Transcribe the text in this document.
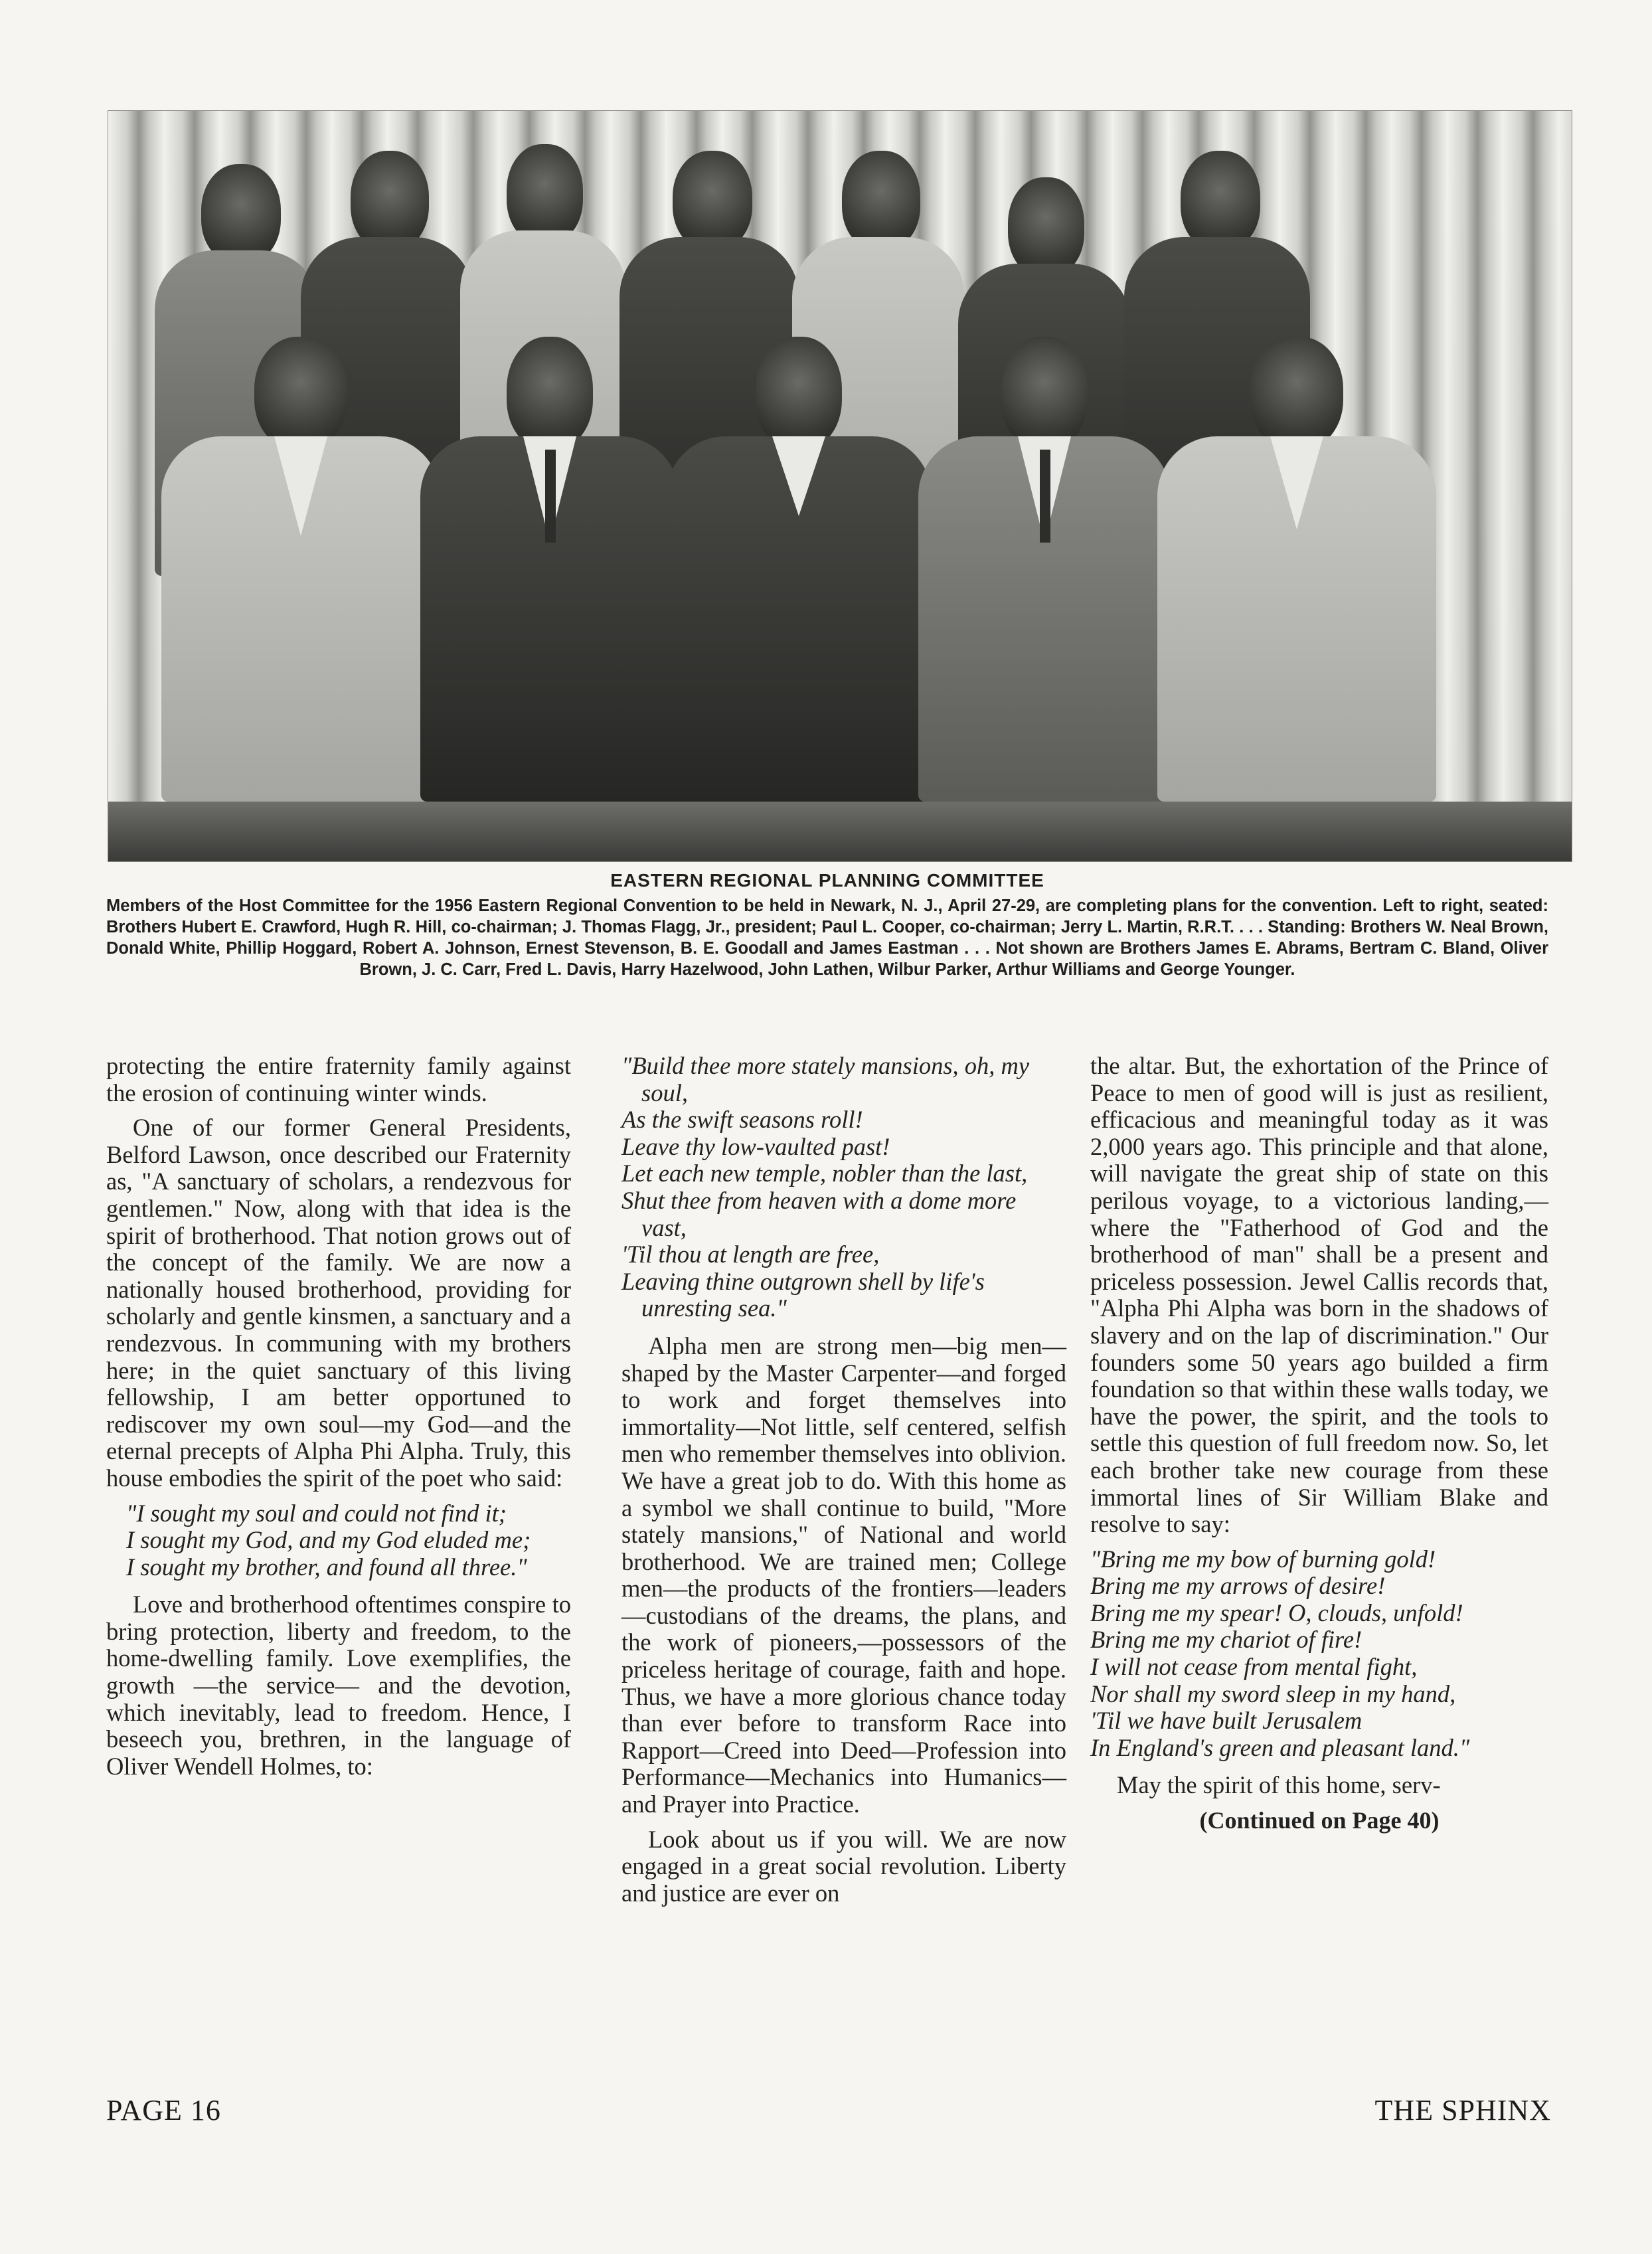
EASTERN REGIONAL PLANNING COMMITTEE
Members of the Host Committee for the 1956 Eastern Regional Convention to be held in Newark, N. J., April 27-29, are completing plans for the convention. Left to right, seated: Brothers Hubert E. Crawford, Hugh R. Hill, co-chairman; J. Thomas Flagg, Jr., president; Paul L. Cooper, co-chairman; Jerry L. Martin, R.R.T. . . . Standing: Brothers W. Neal Brown, Donald White, Phillip Hoggard, Robert A. Johnson, Ernest Stevenson, B. E. Goodall and James Eastman . . . Not shown are Brothers James E. Abrams, Bertram C. Bland, Oliver Brown, J. C. Carr, Fred L. Davis, Harry Hazelwood, John Lathen, Wilbur Parker, Arthur Williams and George Younger.

protecting the entire fraternity family against the erosion of continuing winter winds.

One of our former General Presidents, Belford Lawson, once described our Fraternity as, "A sanctuary of scholars, a rendezvous for gentlemen." Now, along with that idea is the spirit of brotherhood. That notion grows out of the concept of the family. We are now a nationally housed brotherhood, providing for scholarly and gentle kinsmen, a sanctuary and a rendezvous. In communing with my brothers here; in the quiet sanctuary of this living fellowship, I am better opportuned to rediscover my own soul—my God—and the eternal precepts of Alpha Phi Alpha. Truly, this house embodies the spirit of the poet who said:

"I sought my soul and could not find it;
I sought my God, and my God eluded me;
I sought my brother, and found all three."

Love and brotherhood oftentimes conspire to bring protection, liberty and freedom, to the home-dwelling family. Love exemplifies, the growth —the service— and the devotion, which inevitably, lead to freedom. Hence, I beseech you, brethren, in the language of Oliver Wendell Holmes, to:

"Build thee more stately mansions, oh, my soul,
As the swift seasons roll!
Leave thy low-vaulted past!
Let each new temple, nobler than the last,
Shut thee from heaven with a dome more vast,
'Til thou at length are free,
Leaving thine outgrown shell by life's unresting sea."

Alpha men are strong men—big men—shaped by the Master Carpenter—and forged to work and forget themselves into immortality—Not little, self centered, selfish men who remember themselves into oblivion. We have a great job to do. With this home as a symbol we shall continue to build, "More stately mansions," of National and world brotherhood. We are trained men; College men—the products of the frontiers—leaders—custodians of the dreams, the plans, and the work of pioneers,—possessors of the priceless heritage of courage, faith and hope. Thus, we have a more glorious chance today than ever before to transform Race into Rapport—Creed into Deed—Profession into Performance—Mechanics into Humanics—and Prayer into Practice.

Look about us if you will. We are now engaged in a great social revolution. Liberty and justice are ever on

the altar. But, the exhortation of the Prince of Peace to men of good will is just as resilient, efficacious and meaningful today as it was 2,000 years ago. This principle and that alone, will navigate the great ship of state on this perilous voyage, to a victorious landing,—where the "Fatherhood of God and the brotherhood of man" shall be a present and priceless possession. Jewel Callis records that, "Alpha Phi Alpha was born in the shadows of slavery and on the lap of discrimination." Our founders some 50 years ago builded a firm foundation so that within these walls today, we have the power, the spirit, and the tools to settle this question of full freedom now. So, let each brother take new courage from these immortal lines of Sir William Blake and resolve to say:

"Bring me my bow of burning gold!
Bring me my arrows of desire!
Bring me my spear! O, clouds, unfold!
Bring me my chariot of fire!
I will not cease from mental fight,
Nor shall my sword sleep in my hand,
'Til we have built Jerusalem
In England's green and pleasant land."

May the spirit of this home, serv-

(Continued on Page 40)
PAGE 16	THE SPHINX
